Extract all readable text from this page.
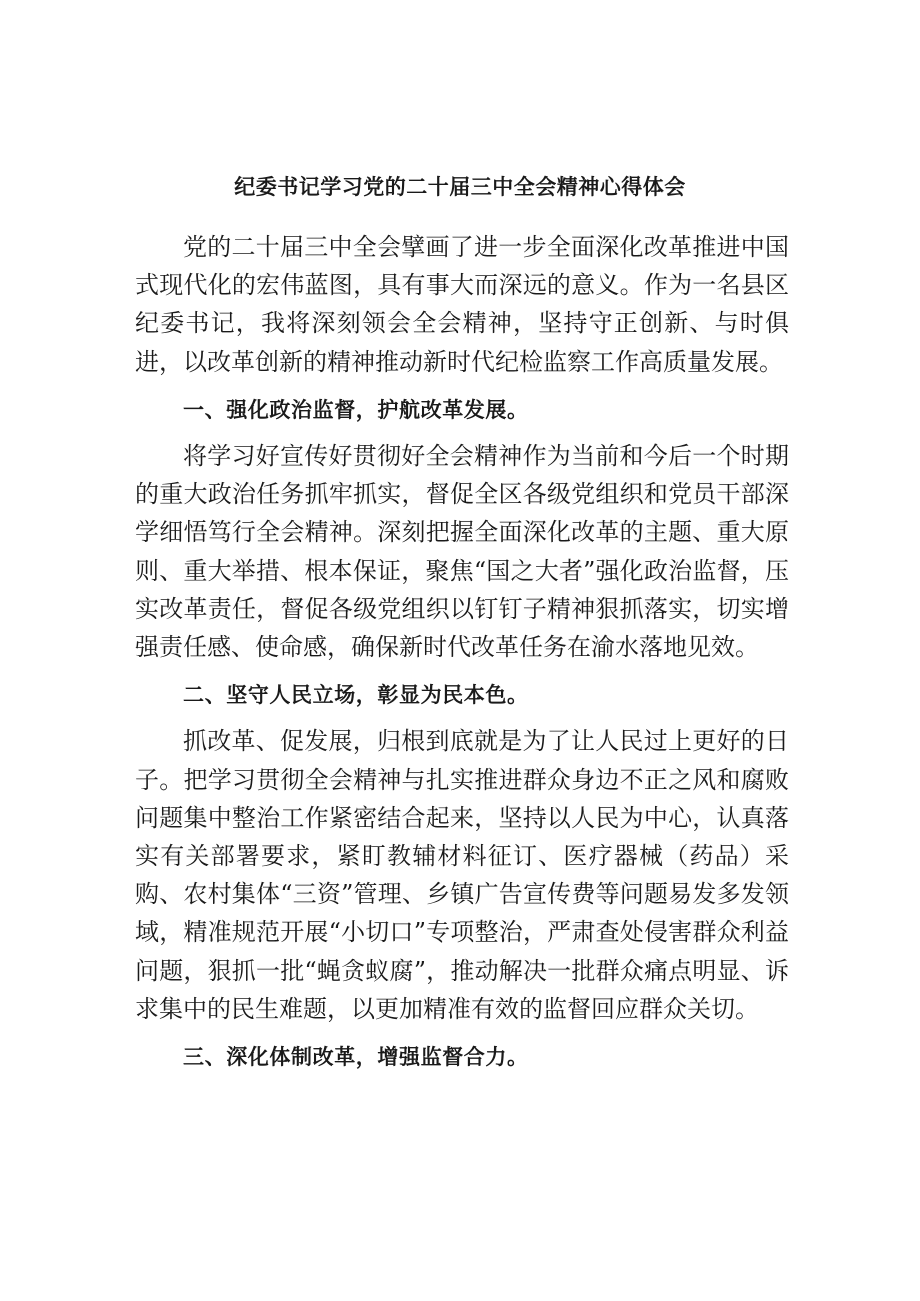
纪委书记学习党的二十届三中全会精神心得体会

党的二十届三中全会擘画了进一步全面深化改革推进中国式现代化的宏伟蓝图，具有事大而深远的意义。作为一名县区纪委书记，我将深刻领会全会精神，坚持守正创新、与时俱进，以改革创新的精神推动新时代纪检监察工作高质量发展。

一、强化政治监督，护航改革发展。

将学习好宣传好贯彻好全会精神作为当前和今后一个时期的重大政治任务抓牢抓实，督促全区各级党组织和党员干部深学细悟笃行全会精神。深刻把握全面深化改革的主题、重大原则、重大举措、根本保证，聚焦“国之大者”强化政治监督，压实改革责任，督促各级党组织以钉钉子精神狠抓落实，切实增强责任感、使命感，确保新时代改革任务在渝水落地见效。

二、坚守人民立场，彰显为民本色。

抓改革、促发展，归根到底就是为了让人民过上更好的日子。把学习贯彻全会精神与扎实推进群众身边不正之风和腐败问题集中整治工作紧密结合起来，坚持以人民为中心，认真落实有关部署要求，紧盯教辅材料征订、医疗器械（药品）采购、农村集体“三资”管理、乡镇广告宣传费等问题易发多发领域，精准规范开展“小切口”专项整治，严肃查处侵害群众利益问题，狠抓一批“蝇贪蚁腐”，推动解决一批群众痛点明显、诉求集中的民生难题，以更加精准有效的监督回应群众关切。

三、深化体制改革，增强监督合力。
